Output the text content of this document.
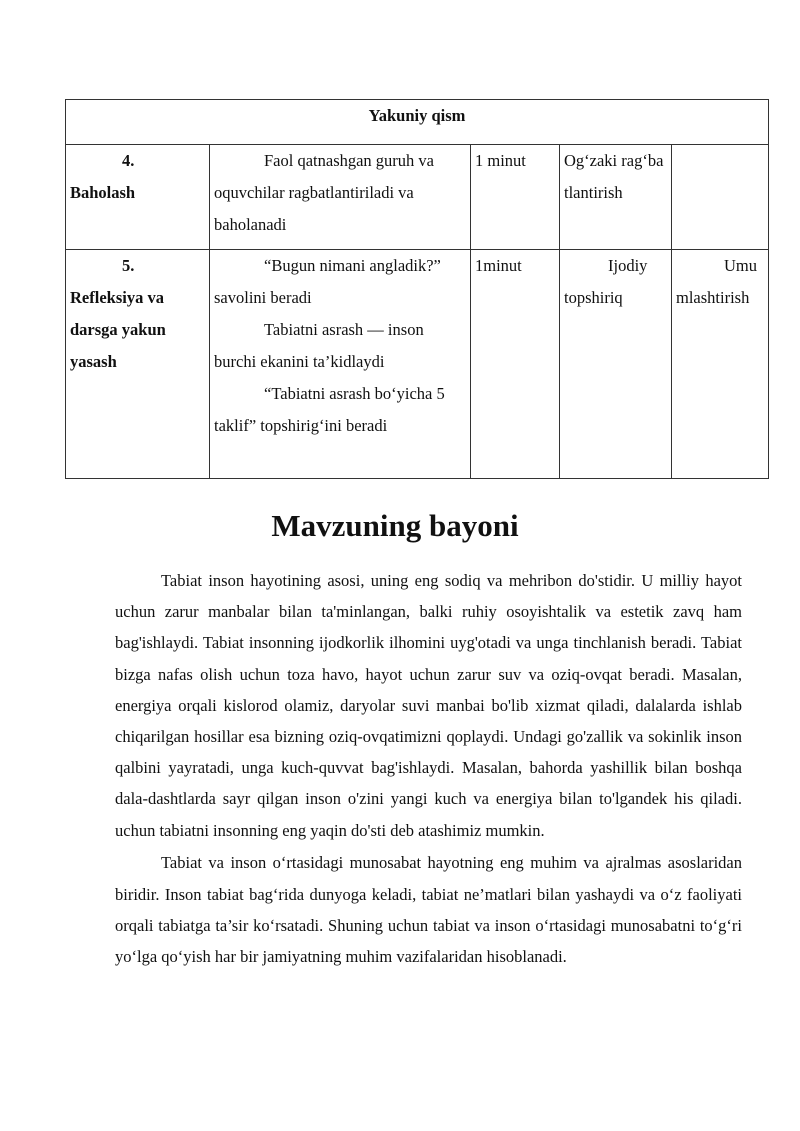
Yakuniy qism				

4.
Baholash	Faol qatnashgan guruh va oquvchilar ragbatlantiriladi va baholanadi	1 minut	Og‘zaki rag‘batlantirish	

5.
Refleksiya va darsga yakun yasash	“Bugun nimani angladik?” savolini beradi
Tabiatni asrash — inson burchi ekanini ta’kidlaydi
“Tabiatni asrash bo‘yicha 5 taklif” topshirig‘ini beradi	1minut	Ijodiy topshiriq	Umumlashtirish
Mavzuning bayoni

Tabiat inson hayotining asosi, uning eng sodiq va mehribon do'stidir. U milliy hayot uchun zarur manbalar bilan ta'minlangan, balki ruhiy osoyishtalik va estetik zavq ham bag'ishlaydi. Tabiat insonning ijodkorlik ilhomini uyg'otadi va unga tinchlanish beradi. Tabiat bizga nafas olish uchun toza havo, hayot uchun zarur suv va oziq-ovqat beradi. Masalan, energiya orqali kislorod olamiz, daryolar suvi manbai bo'lib xizmat qiladi, dalalarda ishlab chiqarilgan hosillar esa bizning oziq-ovqatimizni qoplaydi. Undagi go'zallik va sokinlik inson qalbini yayratadi, unga kuch-quvvat bag'ishlaydi. Masalan, bahorda yashillik bilan boshqa dala-dashtlarda sayr qilgan inson o'zini yangi kuch va energiya bilan to'lgandek his qiladi. uchun tabiatni insonning eng yaqin do'sti deb atashimiz mumkin.

Tabiat va inson o‘rtasidagi munosabat hayotning eng muhim va ajralmas asoslaridan biridir. Inson tabiat bag‘rida dunyoga keladi, tabiat ne’matlari bilan yashaydi va o‘z faoliyati orqali tabiatga ta’sir ko‘rsatadi. Shuning uchun tabiat va inson o‘rtasidagi munosabatni to‘g‘ri yo‘lga qo‘yish har bir jamiyatning muhim vazifalaridan hisoblanadi.
